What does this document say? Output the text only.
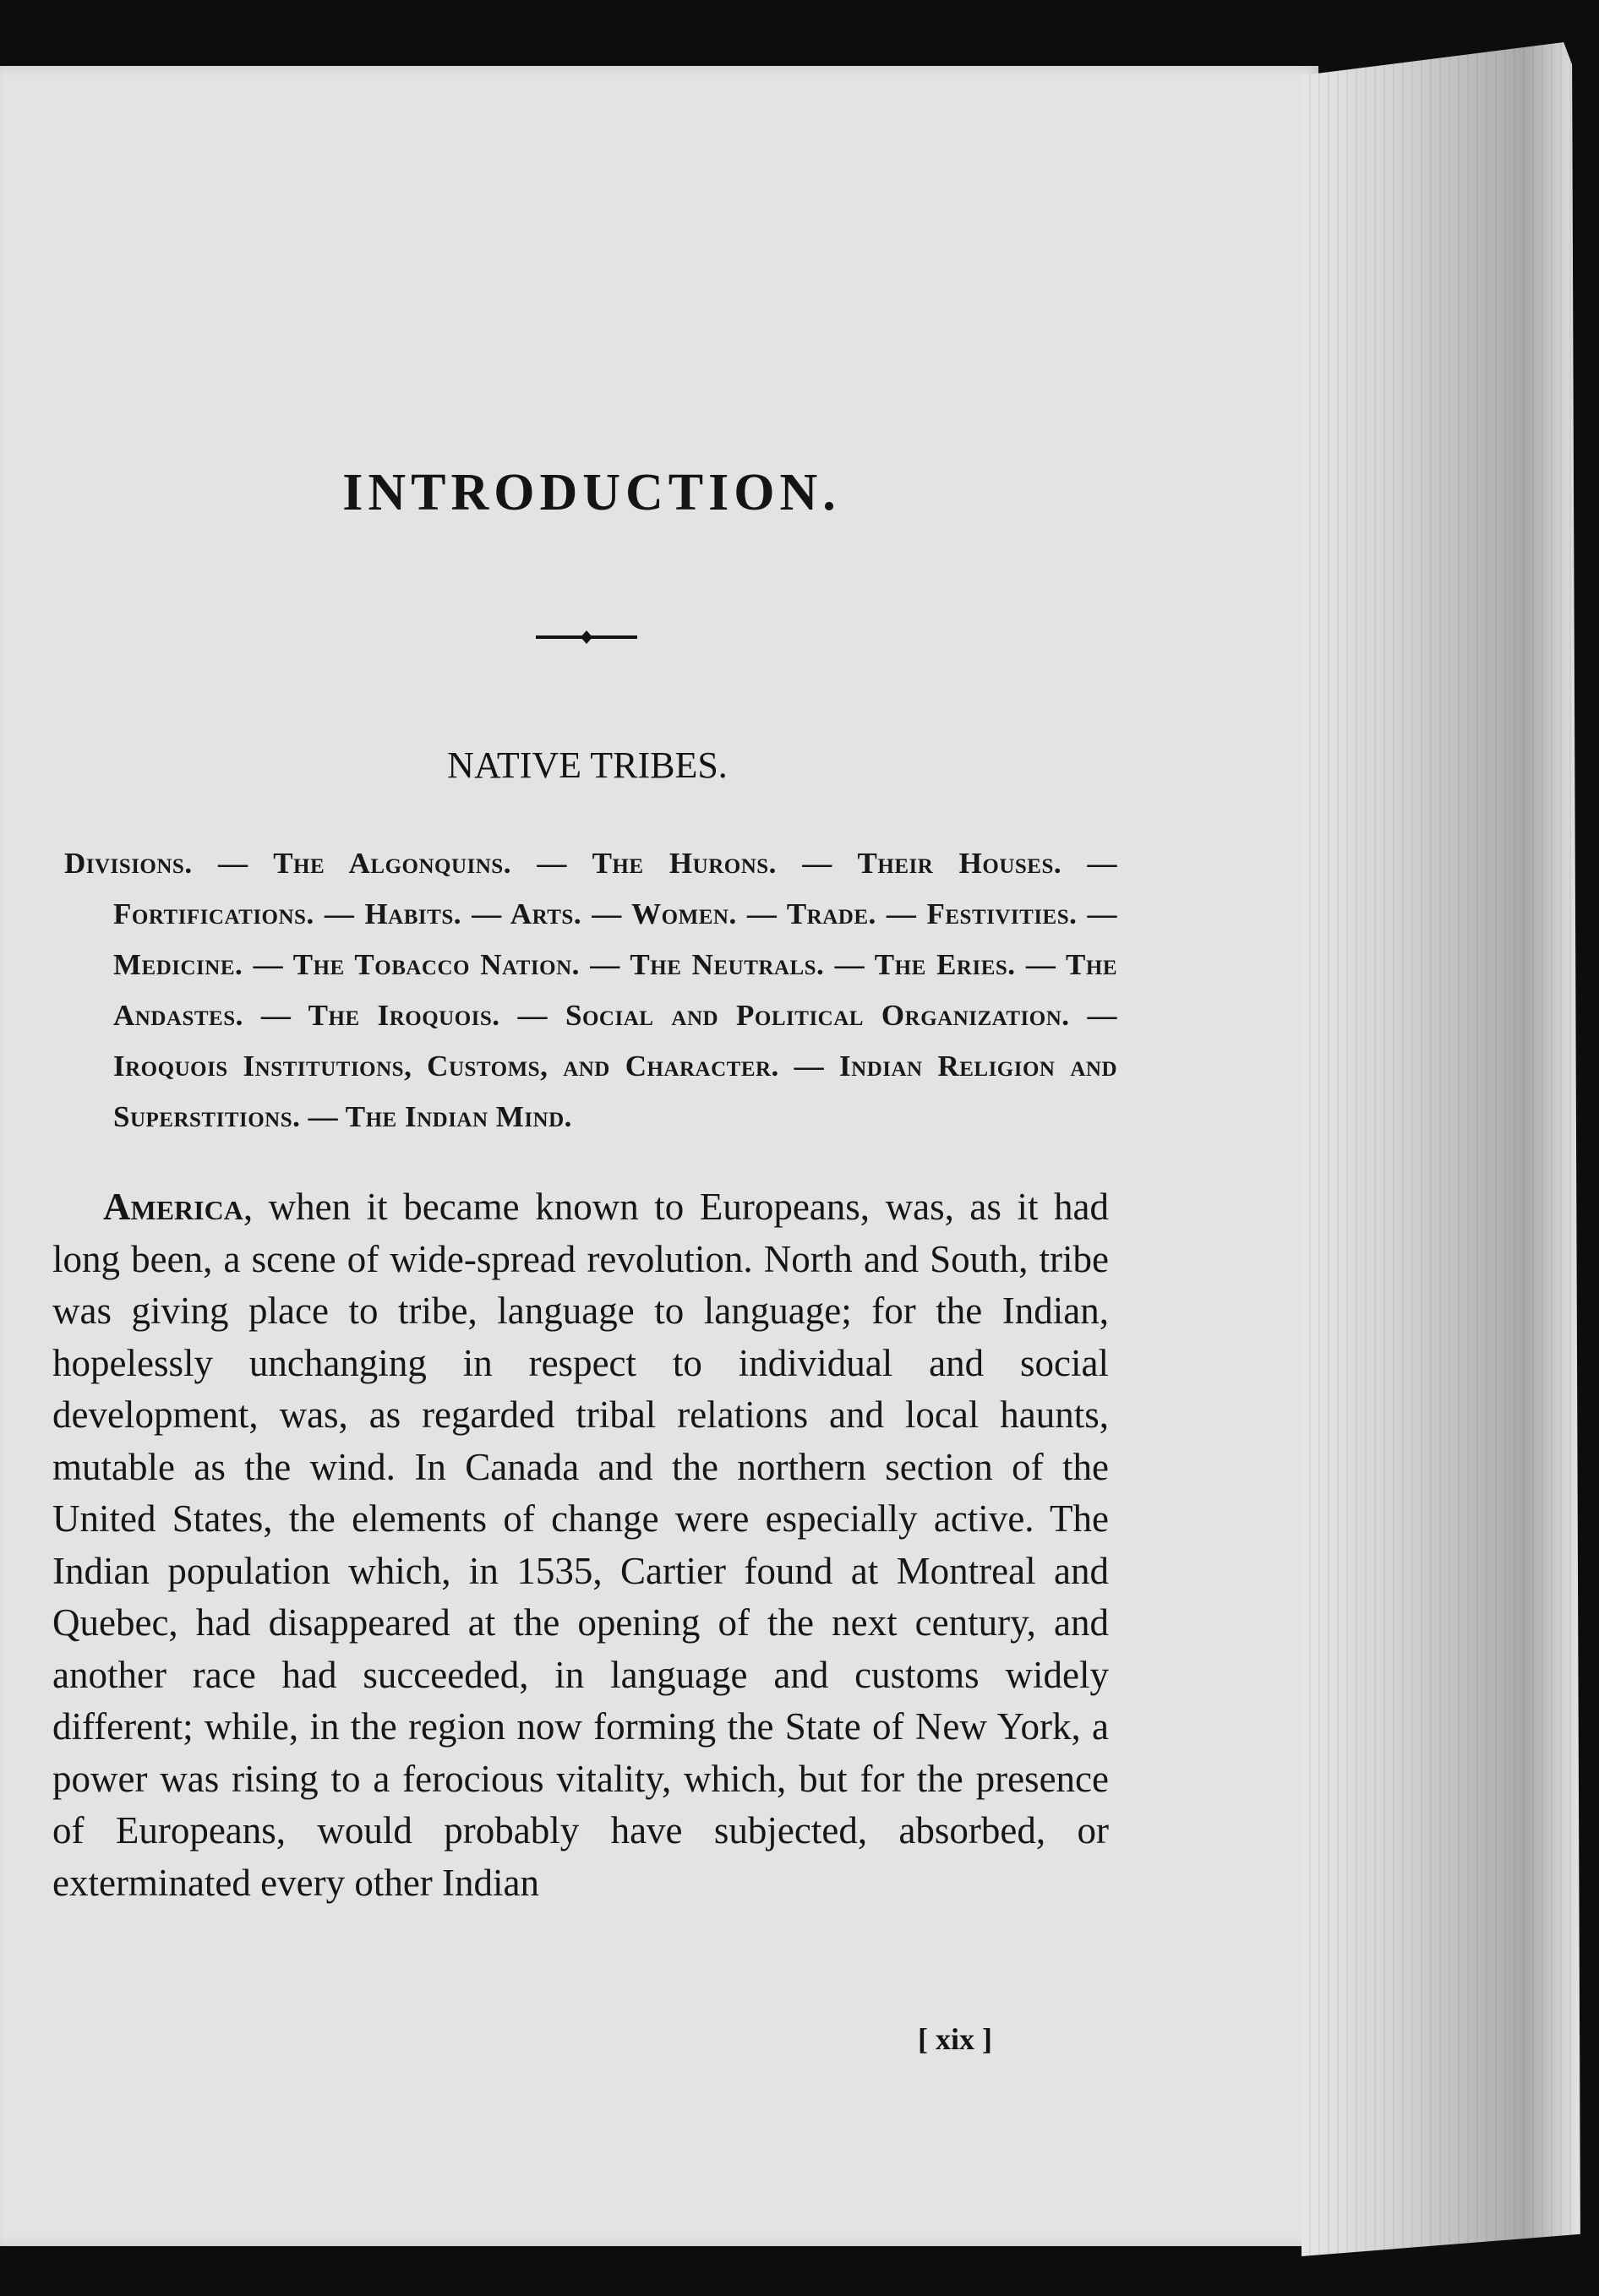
INTRODUCTION.
NATIVE TRIBES.

Divisions. — The Algonquins. — The Hurons. — Their Houses. — Fortifications. — Habits. — Arts. — Women. — Trade. — Festivities. — Medicine. — The Tobacco Nation. — The Neutrals. — The Eries. — The Andastes. — The Iroquois. — Social and Political Organization. — Iroquois Institutions, Customs, and Character. — Indian Religion and Superstitions. — The Indian Mind.

America, when it became known to Europeans, was, as it had long been, a scene of wide-spread revolution. North and South, tribe was giving place to tribe, language to language; for the Indian, hopelessly unchanging in respect to individual and social development, was, as regarded tribal relations and local haunts, mutable as the wind. In Canada and the northern section of the United States, the elements of change were especially active. The Indian population which, in 1535, Cartier found at Montreal and Quebec, had disappeared at the opening of the next century, and another race had succeeded, in language and customs widely different; while, in the region now forming the State of New York, a power was rising to a ferocious vitality, which, but for the presence of Europeans, would probably have subjected, absorbed, or exterminated every other Indian

[ xix ]
